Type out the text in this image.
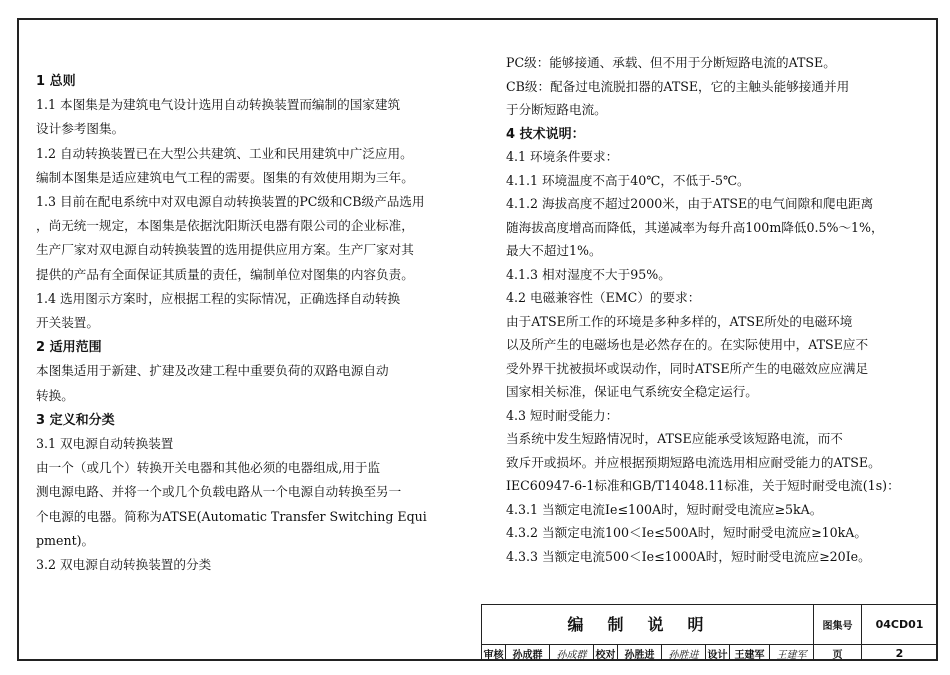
1 总则
1.1 本图集是为建筑电气设计选用自动转换装置而编制的国家建筑
设计参考图集。
1.2 自动转换装置已在大型公共建筑、工业和民用建筑中广泛应用。
编制本图集是适应建筑电气工程的需要。图集的有效使用期为三年。
1.3 目前在配电系统中对双电源自动转换装置的PC级和CB级产品选用
，尚无统一规定，本图集是依据沈阳斯沃电器有限公司的企业标准，
生产厂家对双电源自动转换装置的选用提供应用方案。生产厂家对其
提供的产品有全面保证其质量的责任，编制单位对图集的内容负责。
1.4 选用图示方案时，应根据工程的实际情况，正确选择自动转换
开关装置。
2 适用范围
本图集适用于新建、扩建及改建工程中重要负荷的双路电源自动
转换。
3 定义和分类
3.1 双电源自动转换装置
由一个（或几个）转换开关电器和其他必须的电器组成,用于监
测电源电路、并将一个或几个负载电路从一个电源自动转换至另一
个电源的电器。简称为ATSE(Automatic Transfer Switching Equi
pment)。
3.2 双电源自动转换装置的分类
PC级：能够接通、承载、但不用于分断短路电流的ATSE。
CB级：配备过电流脱扣器的ATSE，它的主触头能够接通并用
于分断短路电流。
4 技术说明：
4.1 环境条件要求：
4.1.1 环境温度不高于40℃，不低于-5℃。
4.1.2 海拔高度不超过2000米，由于ATSE的电气间隙和爬电距离
随海拔高度增高而降低，其递减率为每升高100m降低0.5%～1%，
最大不超过1%。
4.1.3 相对湿度不大于95%。
4.2 电磁兼容性（EMC）的要求：
由于ATSE所工作的环境是多种多样的，ATSE所处的电磁环境
以及所产生的电磁场也是必然存在的。在实际使用中，ATSE应不
受外界干扰被损坏或误动作，同时ATSE所产生的电磁效应应满足
国家相关标准，保证电气系统安全稳定运行。
4.3 短时耐受能力：
当系统中发生短路情况时，ATSE应能承受该短路电流，而不
致斥开或损坏。并应根据预期短路电流选用相应耐受能力的ATSE。
IEC60947-6-1标准和GB/T14048.11标准，关于短时耐受电流(1s)：
4.3.1 当额定电流Ie≤100A时，短时耐受电流应≥5kA。
4.3.2 当额定电流100＜Ie≤500A时，短时耐受电流应≥10kA。
4.3.3 当额定电流500＜Ie≤1000A时，短时耐受电流应≥20Ie。
编制说明	图集号	04CD01
审核 孙成群	孙成群 校对 孙胜进	孙胜进 设计 王建军	王建军	页	2
